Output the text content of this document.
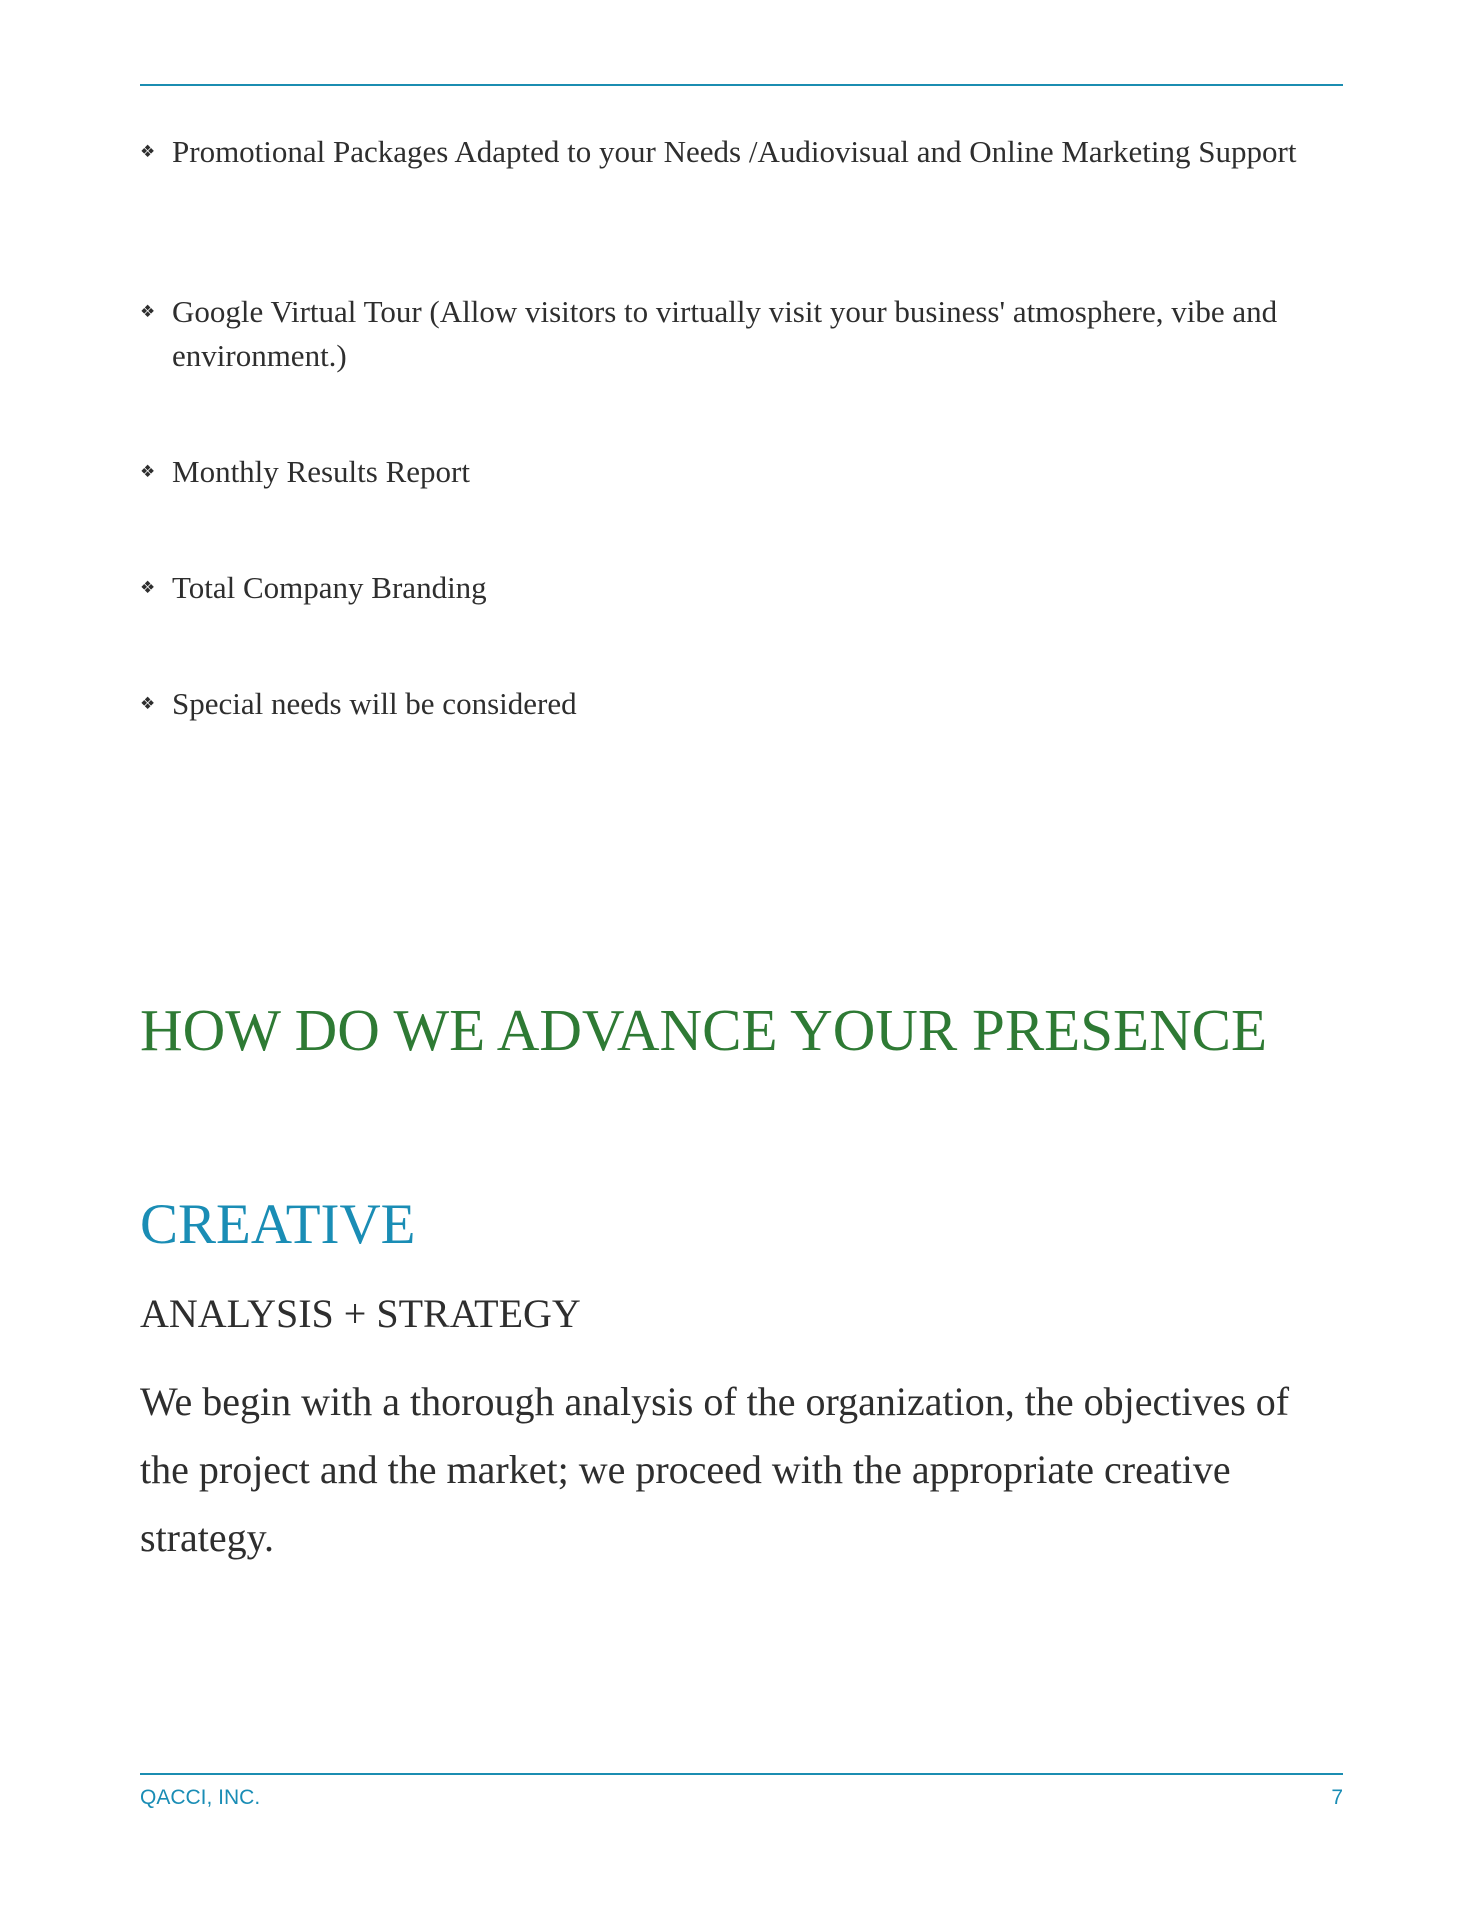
❖ Promotional Packages Adapted to your Needs /Audiovisual and Online Marketing Support
❖ Google Virtual Tour (Allow visitors to virtually visit your business' atmosphere, vibe and environment.)
❖ Monthly Results Report
❖ Total Company Branding
❖ Special needs will be considered
HOW DO WE ADVANCE YOUR PRESENCE
CREATIVE
ANALYSIS + STRATEGY

We begin with a thorough analysis of the organization, the objectives of the project and the market; we proceed with the appropriate creative strategy.

QACCI, INC.	7
